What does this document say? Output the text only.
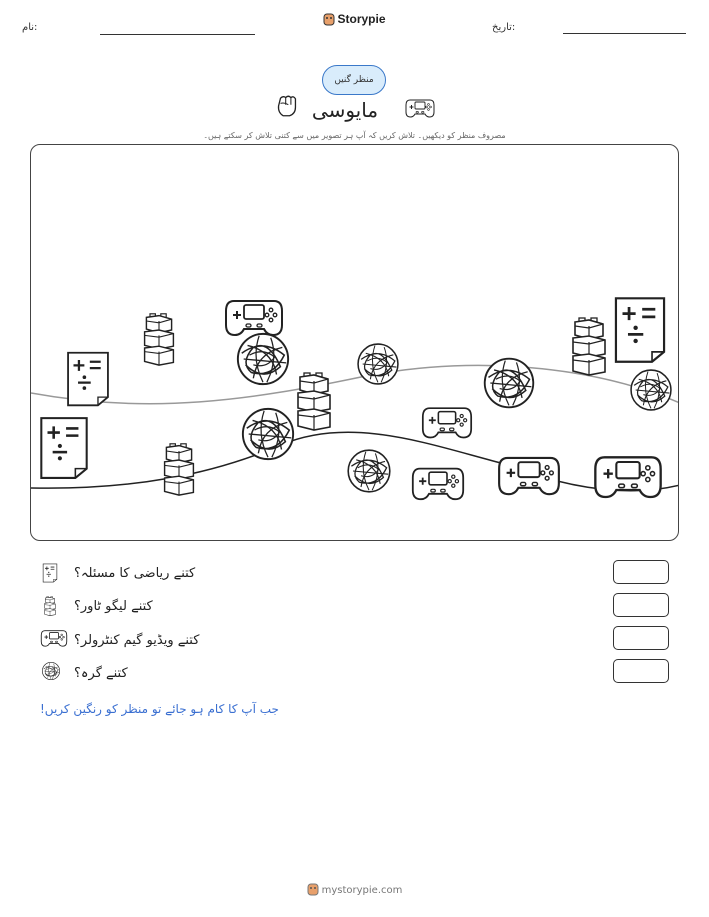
نام:
Storypie
تاریخ:
منظر گنیں
مایوسی
مصروف منظر کو دیکھیں۔ تلاش کریں کہ آپ ہر تصویر میں سے کتنی تلاش کر سکتے ہیں۔
کتنے ریاضی کا مسئلہ؟
کتنے لیگو ٹاور؟
کتنے ویڈیو گیم کنٹرولر؟
کتنے گرہ؟
جب آپ کا کام ہو جائے تو منظر کو رنگین کریں!
mystorypie.com
